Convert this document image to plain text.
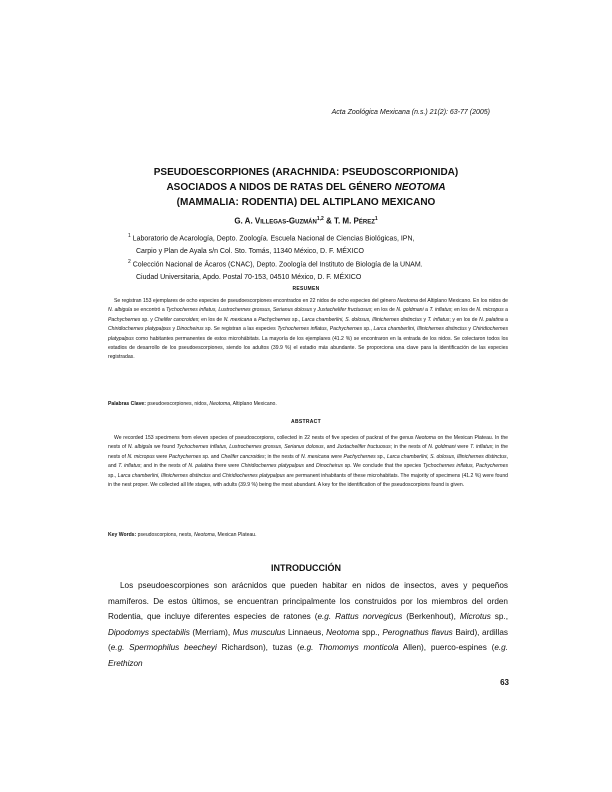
Acta Zoológica Mexicana (n.s.) 21(2): 63-77 (2005)
PSEUDOESCORPIONES (ARACHNIDA: PSEUDOSCORPIONIDA)
ASOCIADOS A NIDOS DE RATAS DEL GÉNERO NEOTOMA
(MAMMALIA: RODENTIA) DEL ALTIPLANO MEXICANO
G. A. Villegas-Guzmán$^{1,2}$ & T. M. Pérez$^1$
$^1$ Laboratorio de Acarología, Depto. Zoología. Escuela Nacional de Ciencias Biológicas, IPN,
Carpio y Plan de Ayala s/n Col. Sto. Tomás, 11340 México, D. F. MÉXICO
$^2$ Colección Nacional de Ácaros (CNAC), Depto. Zoología del Instituto de Biología de la UNAM.
Ciudad Universitaria, Apdo. Postal 70-153, 04510 México, D. F. MÉXICO
RESUMEN

Se registran 153 ejemplares de ocho especies de pseudoescorpiones encontrados en 22 nidos de ocho especies del género Neotoma del Altiplano Mexicano. En los nidos de N. albigula se encontró a Tychochernes inflatus, Lustrochernes grossus, Serianus dolosus y Juxtachelifer fructuosus; en los de N. goldmani a T. inflatus; en los de N. micropus a Pachychernes sp. y Chelifer cancroides; en los de N. mexicana a Pachychernes sp., Larca chamberlini, S. dolosus, Illinichernes distinctus y T. inflatus; y en los de N. palatina a Chiridiochernes platypalpus y Dinocheirus sp. Se registran a las especies Tychochernes inflatus, Pachychernes sp., Larca chamberlini, Illinichernes distinctus y Chiridiochernes platypalpus como habitantes permanentes de estos microhábitats. La mayoría de los ejemplares (41.2 %) se encontraron en la entrada de los nidos. Se colectaron todos los estadios de desarrollo de los pseudoescorpiones, siendo los adultos (39.9 %) el estadio más abundante. Se proporciona una clave para la identificación de las especies registradas.

Palabras Clave: pseudoescorpiones, nidos, Neotoma, Altiplano Mexicano.
ABSTRACT

We recorded 153 specimens from eleven species of pseudoscorpions, collected in 22 nests of five species of packrat of the genus Neotoma on the Mexican Plateau. In the nests of N. albigula we found Tychochernes inflatus, Lustrochernes grossus, Serianus dolosus, and Juxtachelifer fructuosus; in the nests of N. goldmani were T. inflatus; in the nests of N. micropus were Pachychernes sp. and Chelifer cancroides; in the nests of N. mexicana were Pachychernes sp., Larca chamberlini, S. dolosus, Illinichernes distinctus, and T. inflatus; and in the nests of N. palatina there were Chiridiochernes platypalpus and Dinocheirus sp. We conclude that the species Tychochernes inflatus, Pachychernes sp., Larca chamberlini, Illinichernes distinctus and Chiridiochernes platypalpus are permanent inhabitants of these microhabitats. The majority of specimens (41.2 %) were found in the nest proper. We collected all life stages, with adults (39.9 %) being the most abundant. A key for the identification of the pseudoscorpions found is given.

Key Words: pseudoscorpions, nests, Neotoma, Mexican Plateau.
INTRODUCCIÓN

Los pseudoescorpiones son arácnidos que pueden habitar en nidos de insectos, aves y pequeños mamíferos. De estos últimos, se encuentran principalmente los construidos por los miembros del orden Rodentia, que incluye diferentes especies de ratones (e.g. Rattus norvegicus (Berkenhout), Microtus sp., Dipodomys spectabilis (Merriam), Mus musculus Linnaeus, Neotoma spp., Perognathus flavus Baird), ardillas (e.g. Spermophilus beecheyi Richardson), tuzas (e.g. Thomomys monticola Allen), puerco-espines (e.g. Erethizon

63
